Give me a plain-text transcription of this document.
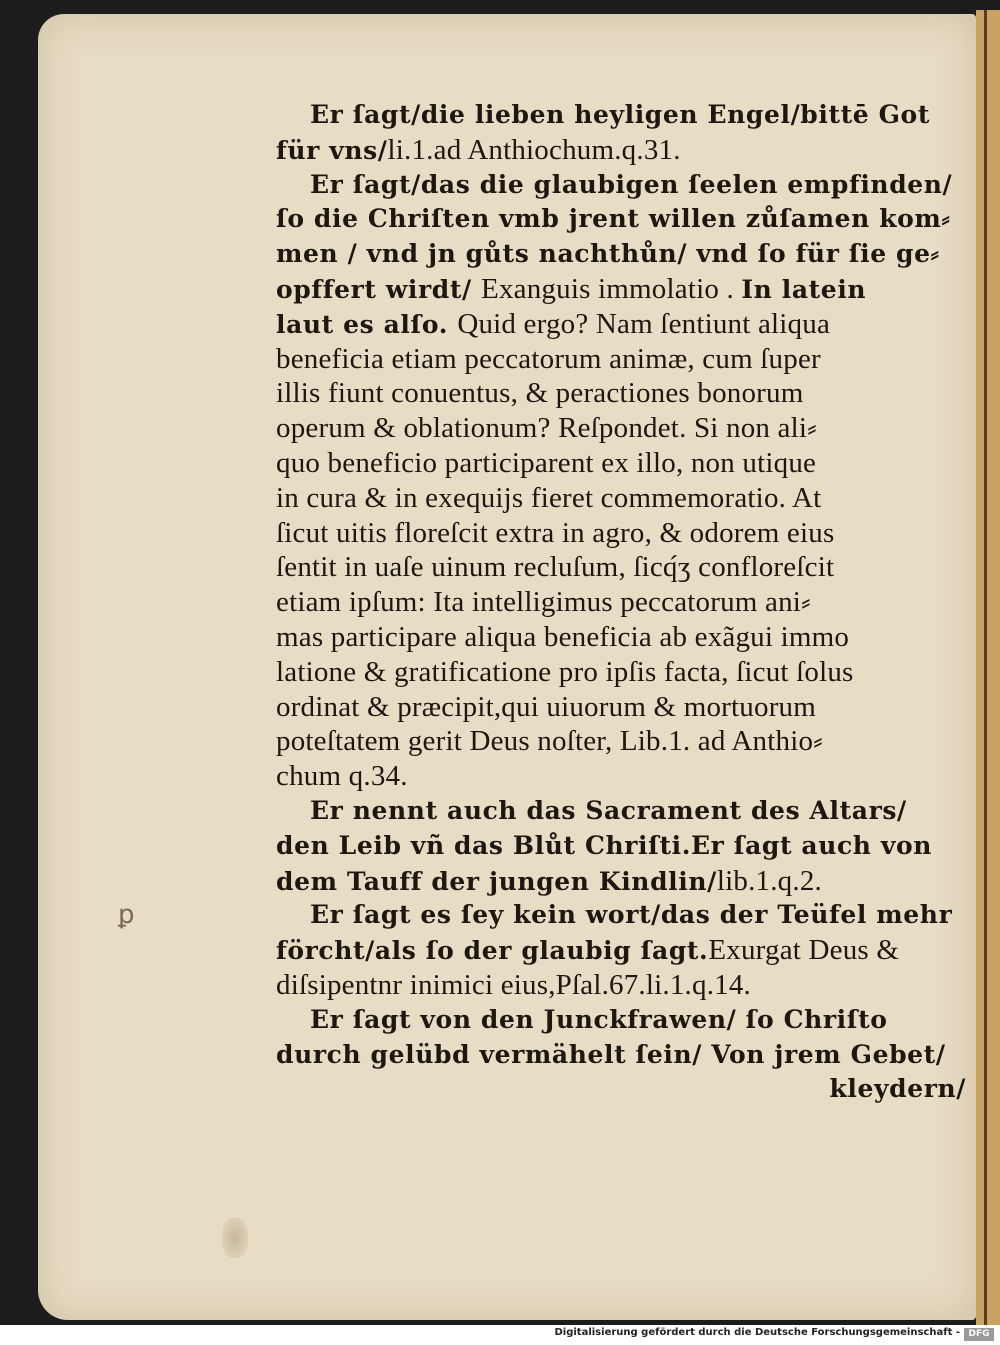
ꝑ
Er ſagt/die lieben heyligen Engel/bittē Got
für vns/li.1.ad Anthiochum.q.31.
Er ſagt/das die glaubigen ſeelen empfinden/
ſo die Chriſten vmb jrent willen zůſamen kom⸗
men / vnd jn gůts nachthůn/ vnd ſo für ſie ge⸗
opffert wirdt/ Exanguis immolatio . In latein
laut es alſo. Quid ergo? Nam ſentiunt aliqua
beneficia etiam peccatorum animæ, cum ſuper
illis fiunt conuentus, & peractiones bonorum
operum & oblationum? Reſpondet. Si non ali⸗
quo beneficio participarent ex illo, non utique
in cura & in exequijs fieret commemoratio. At
ſicut uitis floreſcit extra in agro, & odorem eius
ſentit in uaſe uinum recluſum, ſicq́ʒ confloreſcit
etiam ipſum: Ita intelligimus peccatorum ani⸗
mas participare aliqua beneficia ab exãgui immo
latione & gratificatione pro ipſis facta, ſicut ſolus
ordinat & præcipit,qui uiuorum & mortuorum
poteſtatem gerit Deus noſter, Lib.1. ad Anthio⸗
chum q.34.
Er nennt auch das Sacrament des Altars/
den Leib vñ das Blůt Chriſti.Er ſagt auch von
dem Tauff der jungen Kindlin/lib.1.q.2.
Er ſagt es ſey kein wort/das der Teüfel mehr
förcht/als ſo der glaubig ſagt.Exurgat Deus &
diſsipentnr inimici eius,Pſal.67.li.1.q.14.
Er ſagt von den Junckfrawen/ ſo Chriſto
durch gelübd vermähelt ſein/ Von jrem Gebet/
kleydern/
Digitalisierung gefördert durch die Deutsche Forschungsgemeinschaft - DFG
